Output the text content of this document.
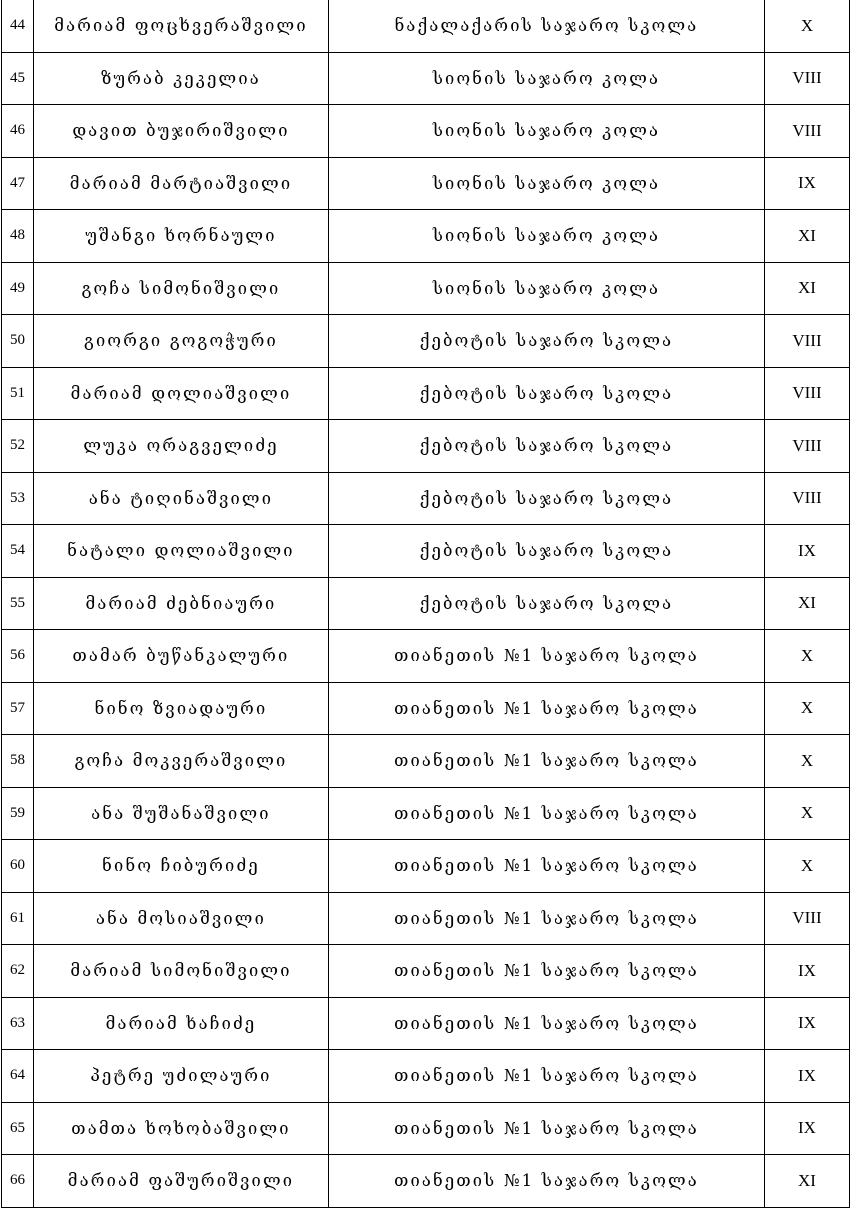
44	მარიამ ფოცხვერაშვილი	ნაქალაქარის საჯარო სკოლა	X
45	ზურაბ კეკელია	სიონის საჯარო კოლა	VIII
46	დავით ბუჯირიშვილი	სიონის საჯარო კოლა	VIII
47	მარიამ მარტიაშვილი	სიონის საჯარო კოლა	IX
48	უშანგი ხორნაული	სიონის საჯარო კოლა	XI
49	გოჩა სიმონიშვილი	სიონის საჯარო კოლა	XI
50	გიორგი გოგოჭური	ქებოტის საჯარო სკოლა	VIII
51	მარიამ დოლიაშვილი	ქებოტის საჯარო სკოლა	VIII
52	ლუკა ორაგველიძე	ქებოტის საჯარო სკოლა	VIII
53	ანა ტიღინაშვილი	ქებოტის საჯარო სკოლა	VIII
54	ნატალი დოლიაშვილი	ქებოტის საჯარო სკოლა	IX
55	მარიამ ძებნიაური	ქებოტის საჯარო სკოლა	XI
56	თამარ ბუწანკალური	თიანეთის №1 საჯარო სკოლა	X
57	ნინო ზვიადაური	თიანეთის №1 საჯარო სკოლა	X
58	გოჩა მოკვერაშვილი	თიანეთის №1 საჯარო სკოლა	X
59	ანა შუშანაშვილი	თიანეთის №1 საჯარო სკოლა	X
60	ნინო ჩიბურიძე	თიანეთის №1 საჯარო სკოლა	X
61	ანა მოსიაშვილი	თიანეთის №1 საჯარო სკოლა	VIII
62	მარიამ სიმონიშვილი	თიანეთის №1 საჯარო სკოლა	IX
63	მარიამ ხაჩიძე	თიანეთის №1 საჯარო სკოლა	IX
64	პეტრე უძილაური	თიანეთის №1 საჯარო სკოლა	IX
65	თამთა ხოხობაშვილი	თიანეთის №1 საჯარო სკოლა	IX
66	მარიამ ფაშურიშვილი	თიანეთის №1 საჯარო სკოლა	XI
